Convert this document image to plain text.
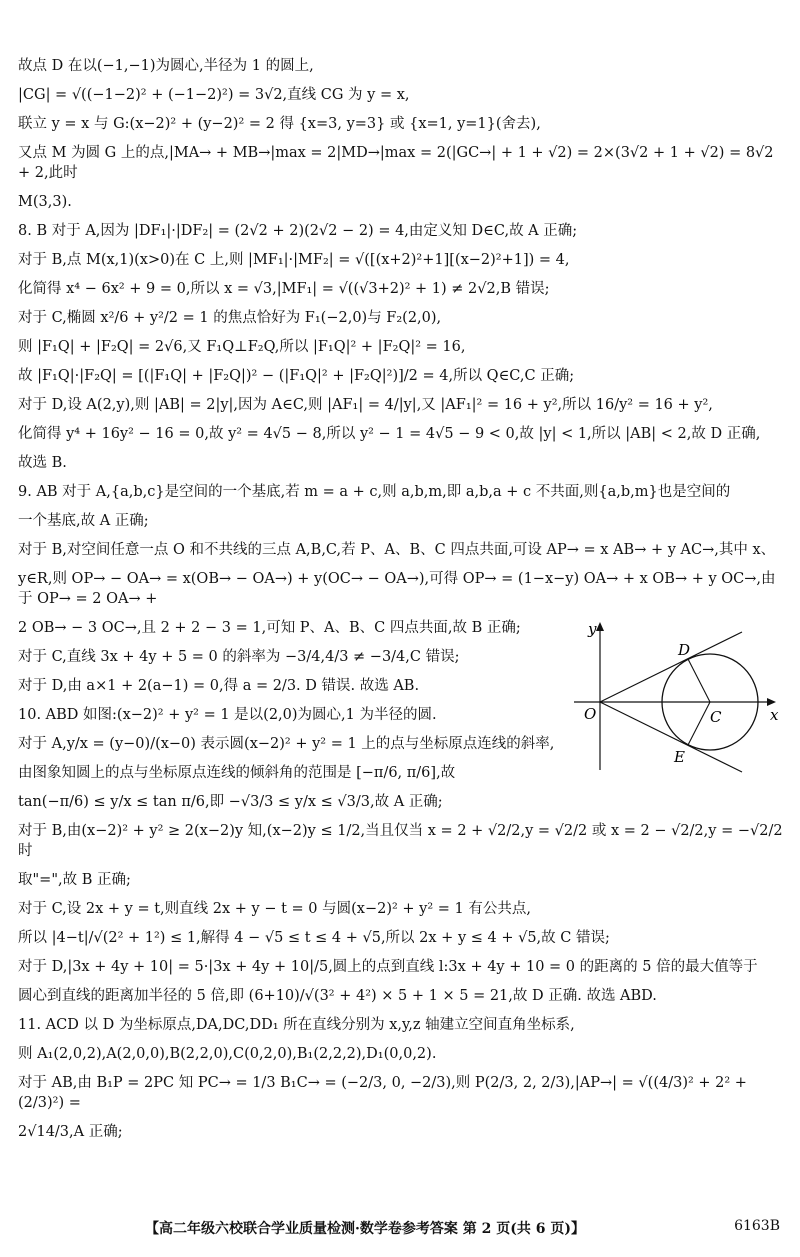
故点 D 在以(−1,−1)为圆心,半径为 1 的圆上,
|CG| = √((−1−2)² + (−1−2)²) = 3√2,直线 CG 为 y = x,
联立 y = x 与 G:(x−2)² + (y−2)² = 2 得 {x=3, y=3} 或 {x=1, y=1}(舍去),
又点 M 为圆 G 上的点,|MA→ + MB→|max = 2|MD→|max = 2(|GC→| + 1 + √2) = 2×(3√2 + 1 + √2) = 8√2 + 2,此时
M(3,3).
8. B 对于 A,因为 |DF₁|·|DF₂| = (2√2 + 2)(2√2 − 2) = 4,由定义知 D∈C,故 A 正确;
对于 B,点 M(x,1)(x>0)在 C 上,则 |MF₁|·|MF₂| = √([(x+2)²+1][(x−2)²+1]) = 4,
化简得 x⁴ − 6x² + 9 = 0,所以 x = √3,|MF₁| = √((√3+2)² + 1) ≠ 2√2,B 错误;
对于 C,椭圆 x²/6 + y²/2 = 1 的焦点恰好为 F₁(−2,0)与 F₂(2,0),
则 |F₁Q| + |F₂Q| = 2√6,又 F₁Q⊥F₂Q,所以 |F₁Q|² + |F₂Q|² = 16,
故 |F₁Q|·|F₂Q| = [(|F₁Q| + |F₂Q|)² − (|F₁Q|² + |F₂Q|²)]/2 = 4,所以 Q∈C,C 正确;
对于 D,设 A(2,y),则 |AB| = 2|y|,因为 A∈C,则 |AF₁| = 4/|y|,又 |AF₁|² = 16 + y²,所以 16/y² = 16 + y²,
化简得 y⁴ + 16y² − 16 = 0,故 y² = 4√5 − 8,所以 y² − 1 = 4√5 − 9 < 0,故 |y| < 1,所以 |AB| < 2,故 D 正确,
故选 B.
9. AB 对于 A,{a,b,c}是空间的一个基底,若 m = a + c,则 a,b,m,即 a,b,a + c 不共面,则{a,b,m}也是空间的
一个基底,故 A 正确;
对于 B,对空间任意一点 O 和不共线的三点 A,B,C,若 P、A、B、C 四点共面,可设 AP→ = x AB→ + y AC→,其中 x、
y∈R,则 OP→ − OA→ = x(OB→ − OA→) + y(OC→ − OA→),可得 OP→ = (1−x−y) OA→ + x OB→ + y OC→,由于 OP→ = 2 OA→ +
2 OB→ − 3 OC→,且 2 + 2 − 3 = 1,可知 P、A、B、C 四点共面,故 B 正确;
对于 C,直线 3x + 4y + 5 = 0 的斜率为 −3/4,4/3 ≠ −3/4,C 错误;
对于 D,由 a×1 + 2(a−1) = 0,得 a = 2/3. D 错误. 故选 AB.
10. ABD 如图:(x−2)² + y² = 1 是以(2,0)为圆心,1 为半径的圆.
对于 A,y/x = (y−0)/(x−0) 表示圆(x−2)² + y² = 1 上的点与坐标原点连线的斜率,
由图象知圆上的点与坐标原点连线的倾斜角的范围是 [−π/6, π/6],故
tan(−π/6) ≤ y/x ≤ tan π/6,即 −√3/3 ≤ y/x ≤ √3/3,故 A 正确;
对于 B,由(x−2)² + y² ≥ 2(x−2)y 知,(x−2)y ≤ 1/2,当且仅当 x = 2 + √2/2,y = √2/2 或 x = 2 − √2/2,y = −√2/2 时
取"=",故 B 正确;
对于 C,设 2x + y = t,则直线 2x + y − t = 0 与圆(x−2)² + y² = 1 有公共点,
所以 |4−t|/√(2² + 1²) ≤ 1,解得 4 − √5 ≤ t ≤ 4 + √5,所以 2x + y ≤ 4 + √5,故 C 错误;
对于 D,|3x + 4y + 10| = 5·|3x + 4y + 10|/5,圆上的点到直线 l:3x + 4y + 10 = 0 的距离的 5 倍的最大值等于
圆心到直线的距离加半径的 5 倍,即 (6+10)/√(3² + 4²) × 5 + 1 × 5 = 21,故 D 正确. 故选 ABD.
11. ACD 以 D 为坐标原点,DA,DC,DD₁ 所在直线分别为 x,y,z 轴建立空间直角坐标系,
则 A₁(2,0,2),A(2,0,0),B(2,2,0),C(0,2,0),B₁(2,2,2),D₁(0,0,2).
对于 AB,由 B₁P = 2PC 知 PC→ = 1/3 B₁C→ = (−2/3, 0, −2/3),则 P(2/3, 2, 2/3),|AP→| = √((4/3)² + 2² + (2/3)²) =
2√14/3,A 正确;
y
x
O	C
D
E
【高二年级六校联合学业质量检测·数学卷参考答案 第 2 页(共 6 页)】	6163B
